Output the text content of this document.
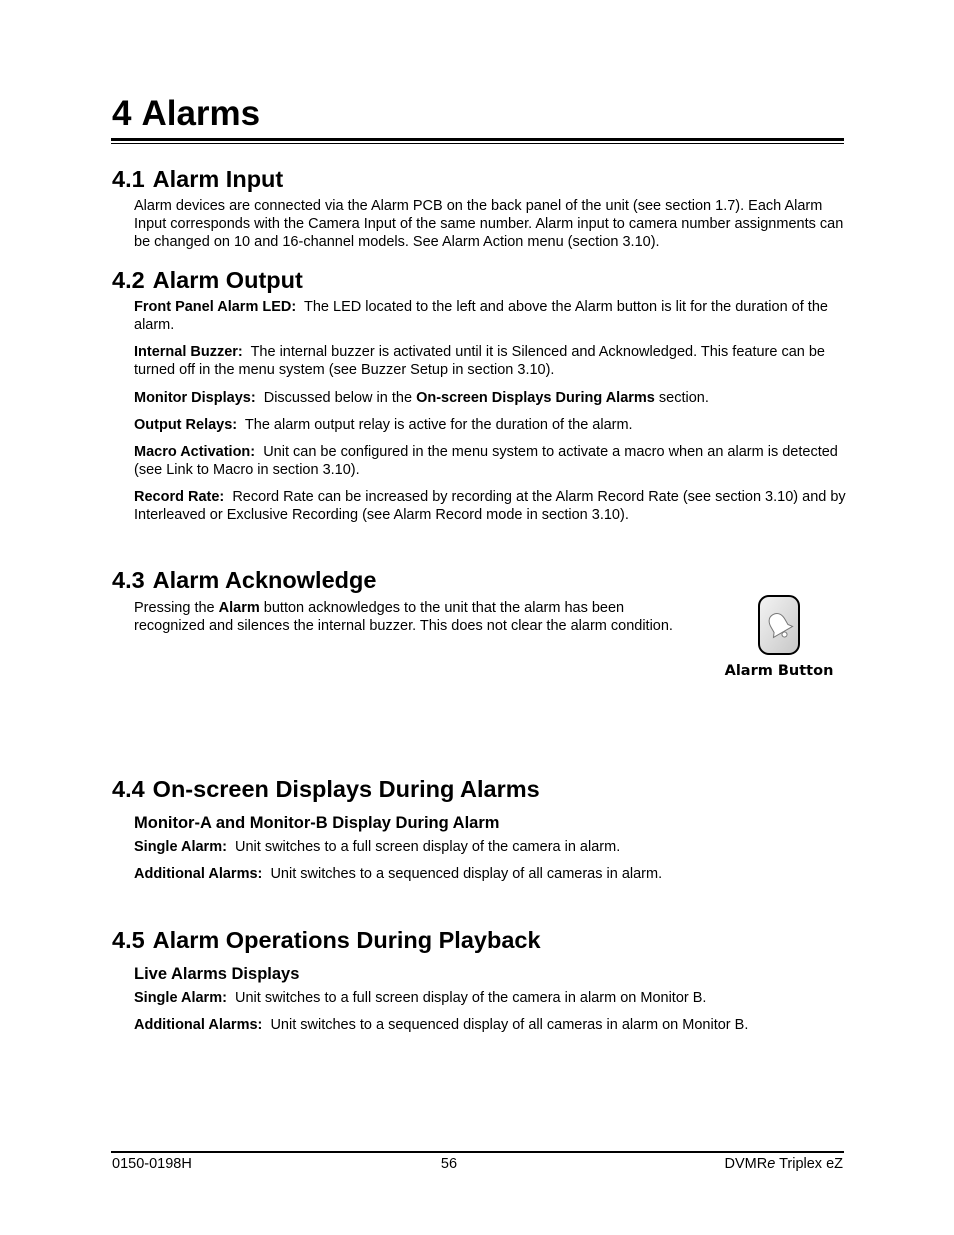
4 Alarms
4.1 Alarm Input

Alarm devices are connected via the Alarm PCB on the back panel of the unit (see section 1.7). Each Alarm Input corresponds with the Camera Input of the same number. Alarm input to camera number assignments can be changed on 10 and 16-channel models. See Alarm Action menu (section 3.10).

4.2 Alarm Output

Front Panel Alarm LED: The LED located to the left and above the Alarm button is lit for the duration of the alarm.

Internal Buzzer: The internal buzzer is activated until it is Silenced and Acknowledged. This feature can be turned off in the menu system (see Buzzer Setup in section 3.10).

Monitor Displays: Discussed below in the On-screen Displays During Alarms section.

Output Relays: The alarm output relay is active for the duration of the alarm.

Macro Activation: Unit can be configured in the menu system to activate a macro when an alarm is detected (see Link to Macro in section 3.10).

Record Rate: Record Rate can be increased by recording at the Alarm Record Rate (see section 3.10) and by Interleaved or Exclusive Recording (see Alarm Record mode in section 3.10).

4.3 Alarm Acknowledge

Pressing the Alarm button acknowledges to the unit that the alarm has been recognized and silences the internal buzzer. This does not clear the alarm condition.

Alarm Button
4.4 On-screen Displays During Alarms
Monitor-A and Monitor-B Display During Alarm

Single Alarm: Unit switches to a full screen display of the camera in alarm.

Additional Alarms: Unit switches to a sequenced display of all cameras in alarm.

4.5 Alarm Operations During Playback
Live Alarms Displays

Single Alarm: Unit switches to a full screen display of the camera in alarm on Monitor B.

Additional Alarms: Unit switches to a sequenced display of all cameras in alarm on Monitor B.

0150-0198H	56	DVMRe Triplex eZ
